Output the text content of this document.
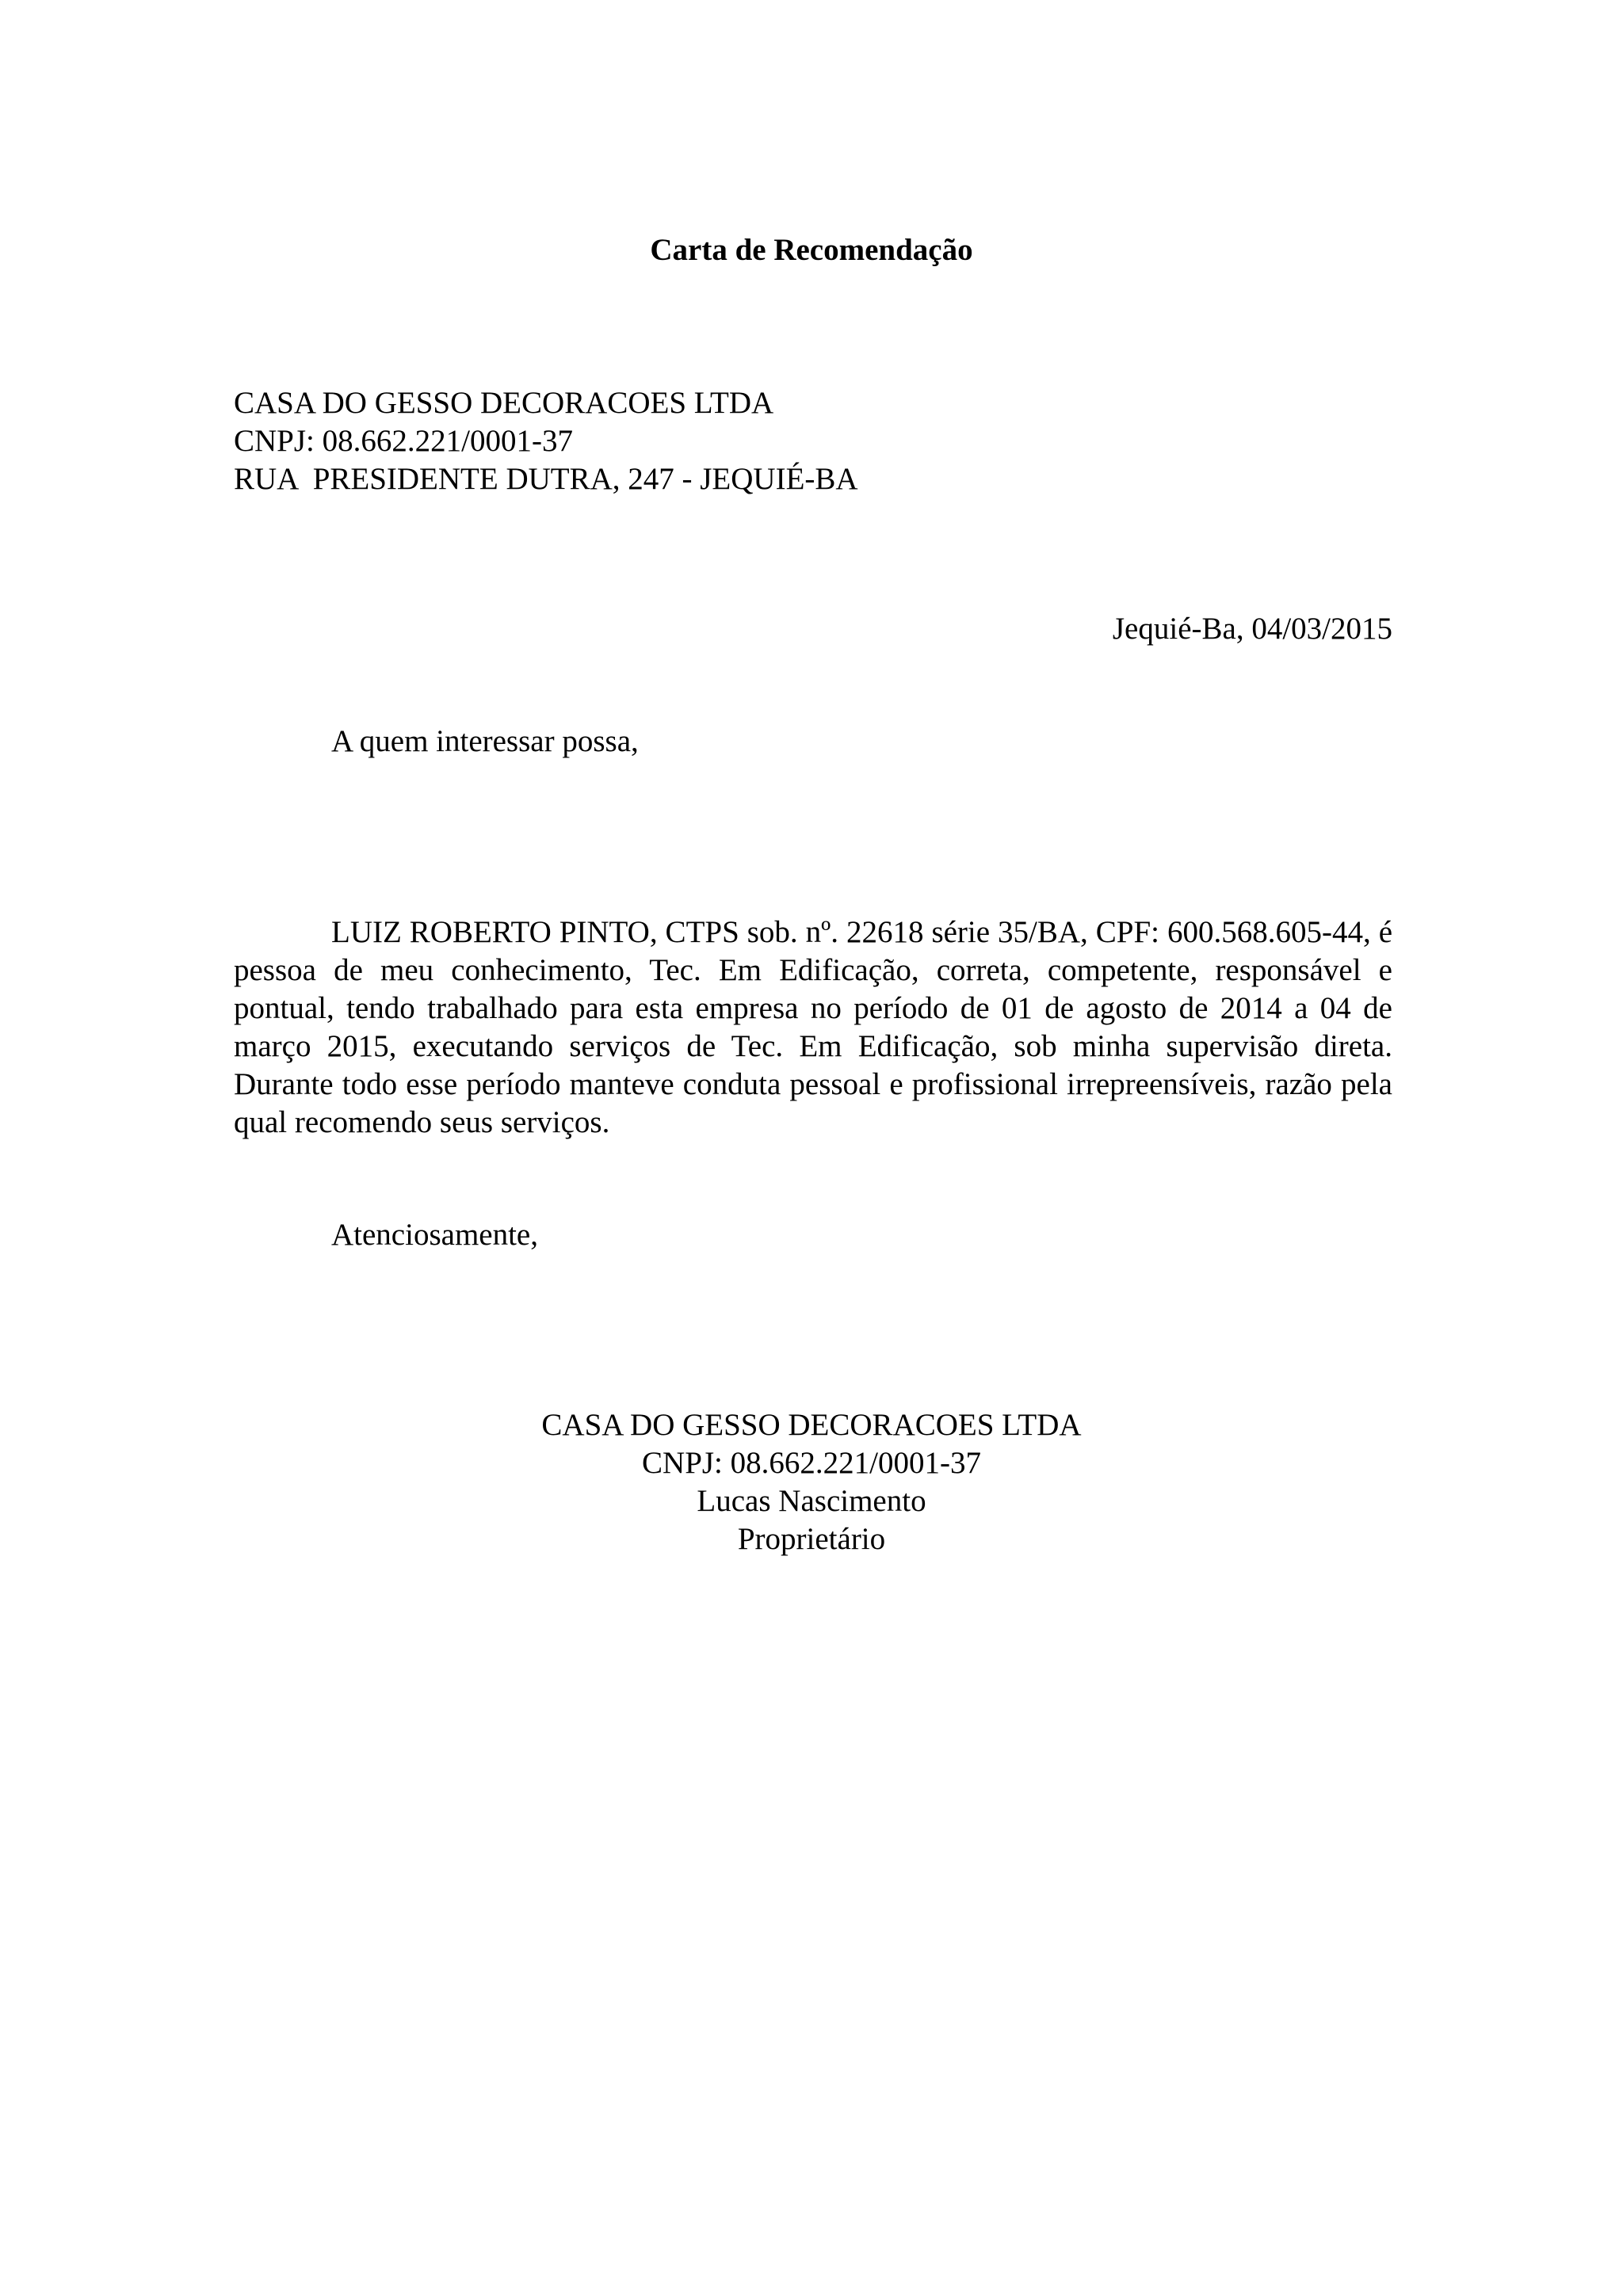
Carta de Recomendação
CASA DO GESSO DECORACOES LTDA
CNPJ: 08.662.221/0001-37
RUA  PRESIDENTE DUTRA, 247 - JEQUIÉ-BA
Jequié-Ba, 04/03/2015
A quem interessar possa,
LUIZ ROBERTO PINTO, CTPS sob. nº. 22618 série 35/BA, CPF: 600.568.605-44, é pessoa de meu conhecimento, Tec. Em Edificação, correta, competente, responsável e pontual, tendo trabalhado para esta empresa no período de 01 de agosto de 2014 a 04 de março 2015, executando serviços de Tec. Em Edificação, sob minha supervisão direta. Durante todo esse período manteve conduta pessoal e profissional irrepreensíveis, razão pela qual recomendo seus serviços.
Atenciosamente,
CASA DO GESSO DECORACOES LTDA
CNPJ: 08.662.221/0001-37
Lucas Nascimento
Proprietário
